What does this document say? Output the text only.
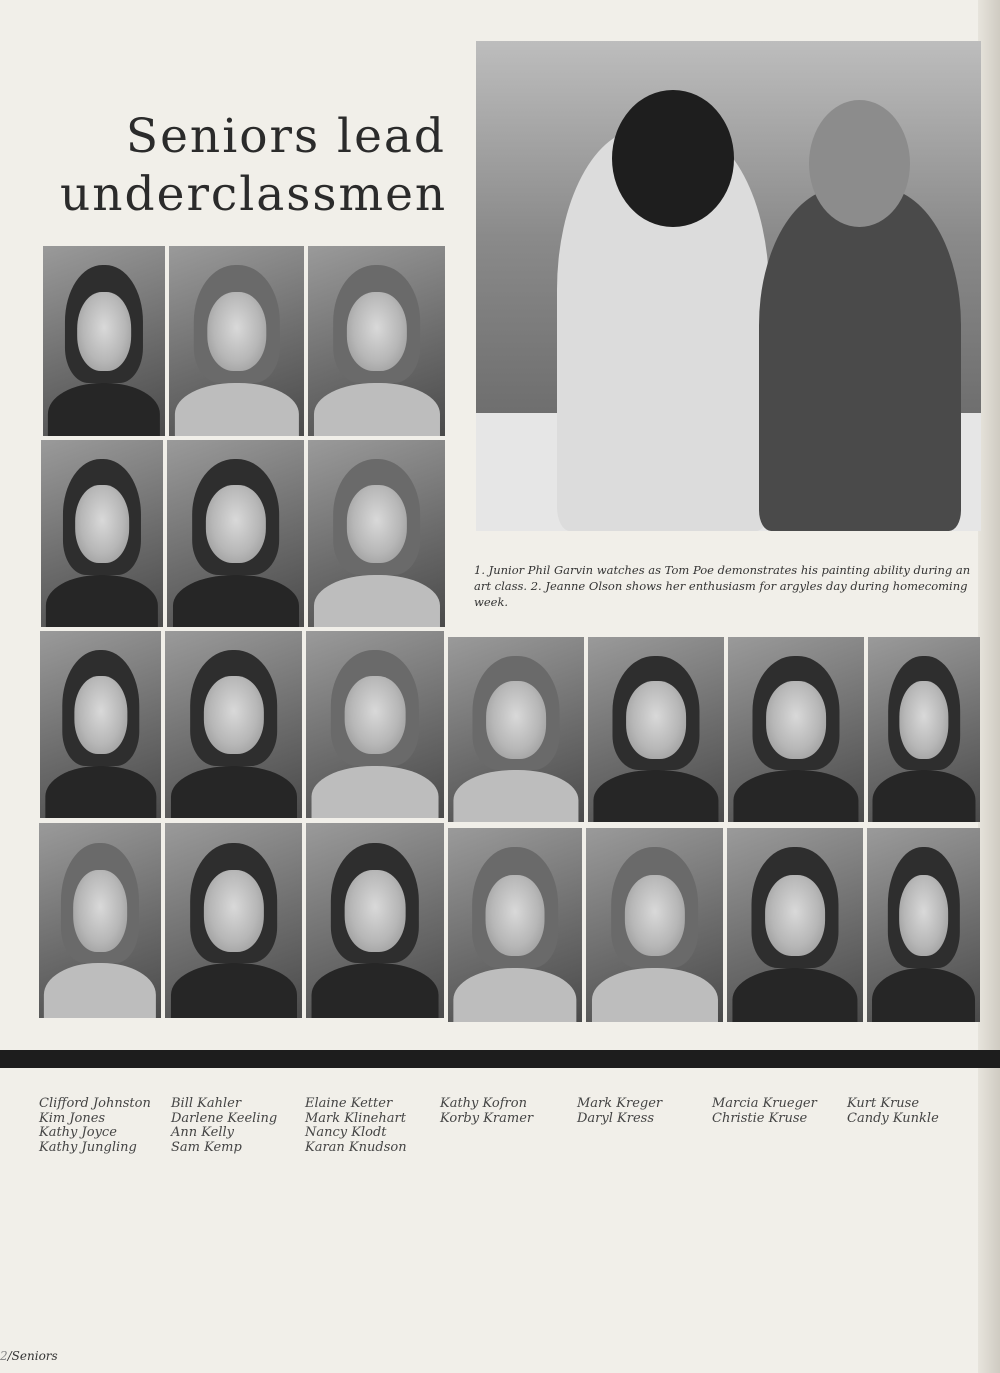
Seniors lead
underclassmen

1. Junior Phil Garvin watches as Tom Poe demonstrates his painting ability during an art class. 2. Jeanne Olson shows her enthusiasm for argyles day during homecoming week.

Clifford Johnston
Kim Jones
Kathy Joyce
Kathy Jungling
Bill Kahler
Darlene Keeling
Ann Kelly
Sam Kemp
Elaine Ketter
Mark Klinehart
Nancy Klodt
Karan Knudson
Kathy Kofron
Korby Kramer
Mark Kreger
Daryl Kress
Marcia Krueger
Christie Kruse
Kurt Kruse
Candy Kunkle
2/Seniors
